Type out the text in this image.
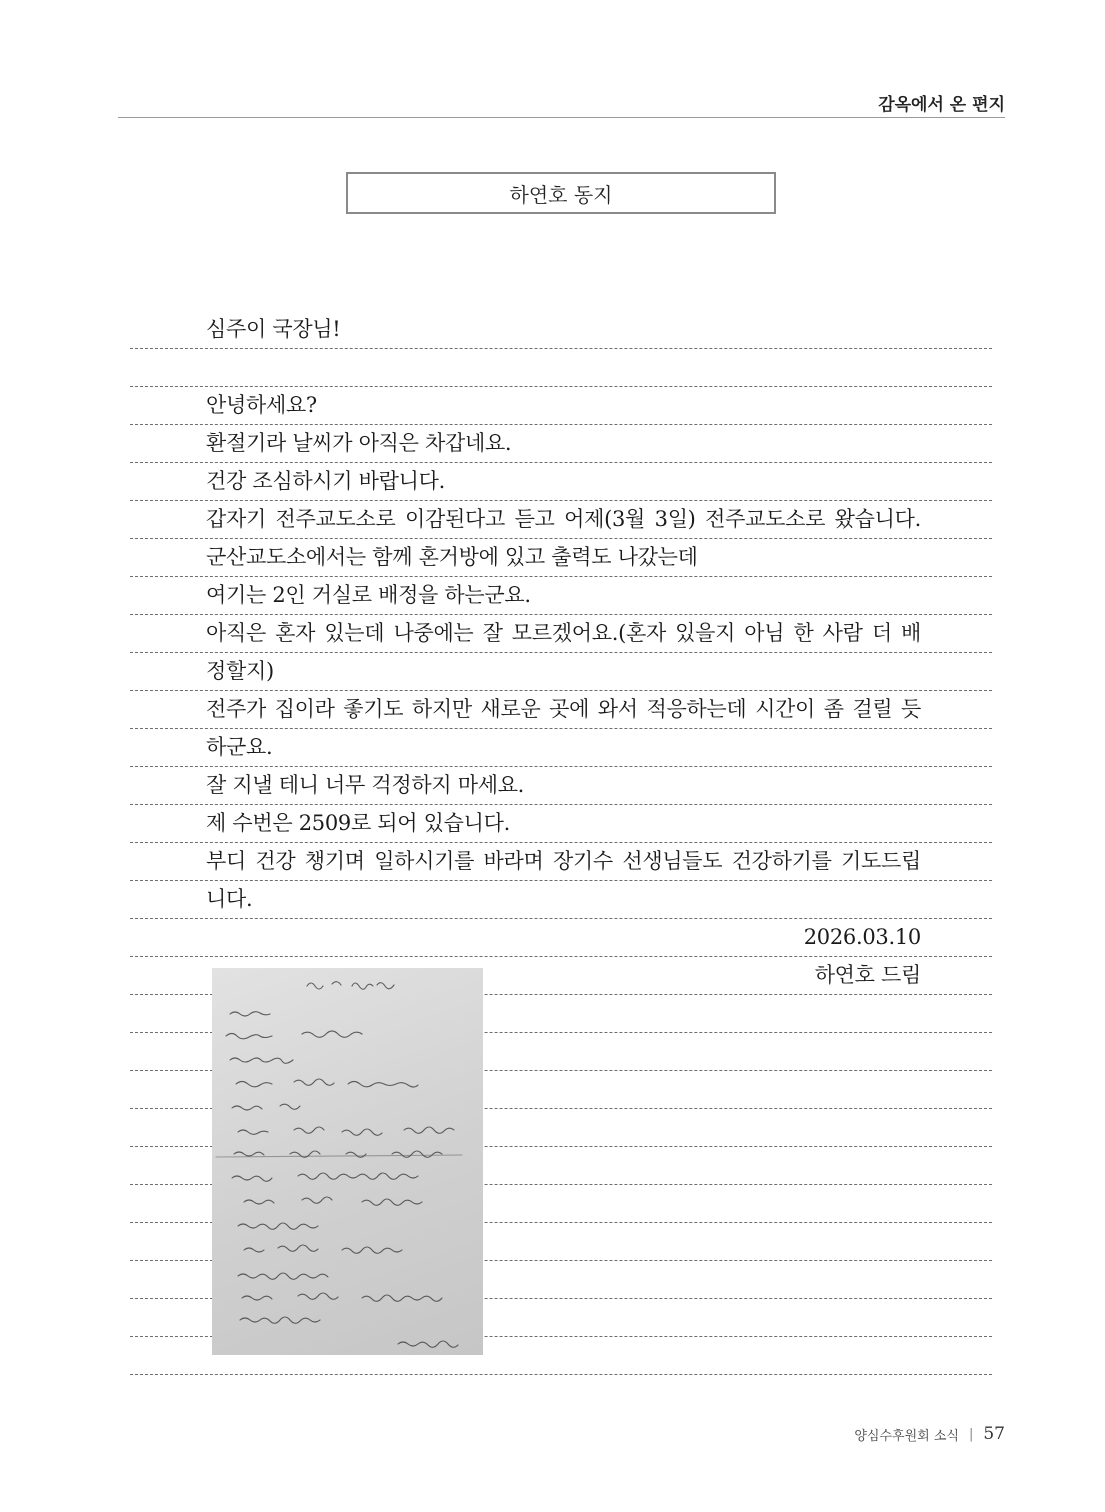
감옥에서 온 편지
하연호 동지
심주이 국장님!
안녕하세요?
환절기라 날씨가 아직은 차갑네요.
건강 조심하시기 바랍니다.
갑자기 전주교도소로 이감된다고 듣고 어제(3월 3일) 전주교도소로 왔습니다.
군산교도소에서는 함께 혼거방에 있고 출력도 나갔는데
여기는 2인 거실로 배정을 하는군요.
아직은 혼자 있는데 나중에는 잘 모르겠어요.(혼자 있을지 아님 한 사람 더 배
정할지)
전주가 집이라 좋기도 하지만 새로운 곳에 와서 적응하는데 시간이 좀 걸릴 듯
하군요.
잘 지낼 테니 너무 걱정하지 마세요.
제 수번은 2509로 되어 있습니다.
부디 건강 챙기며 일하시기를 바라며 장기수 선생님들도 건강하기를 기도드립
니다.
2026.03.10
하연호 드림
양심수후원회 소식 | 57
